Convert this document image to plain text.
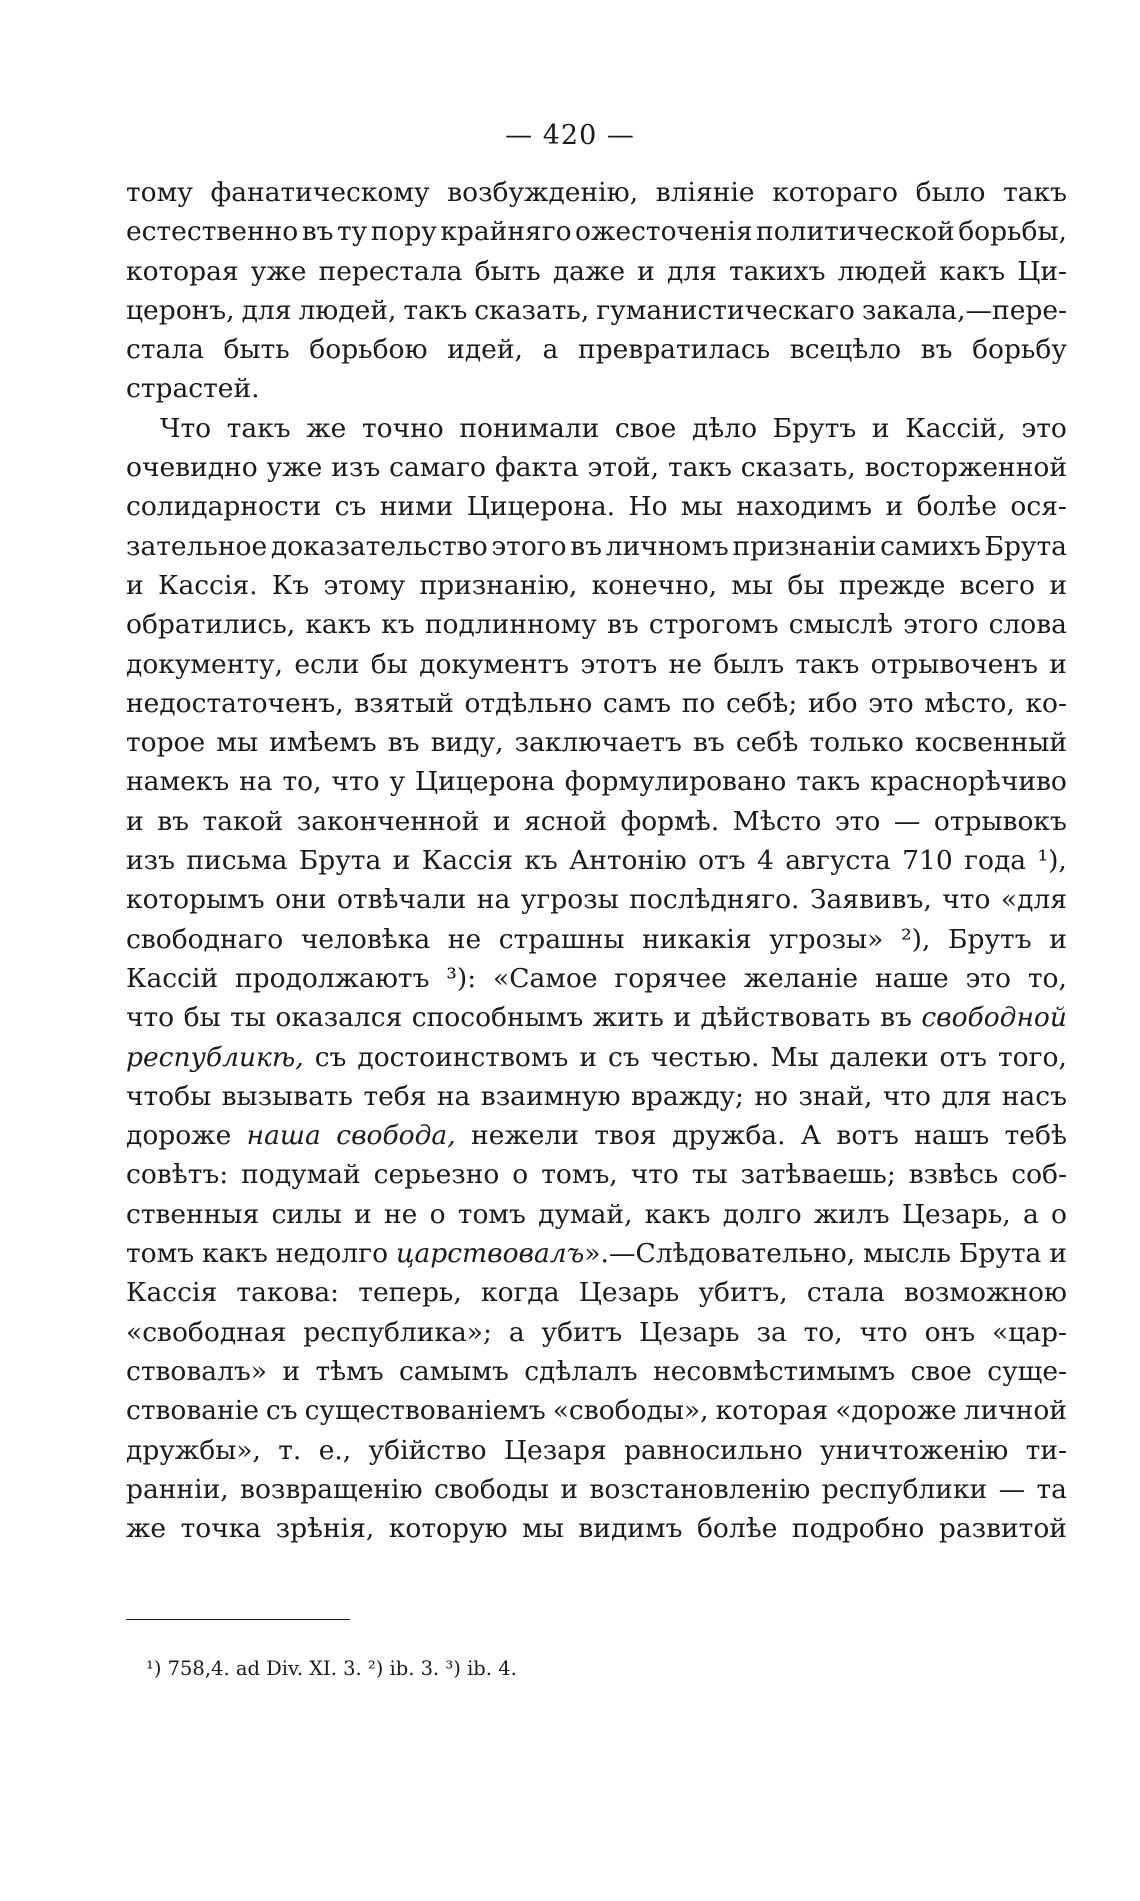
— 420 —
тому фанатическому возбужденію, вліяніе котораго было такъ
естественно въ ту пору крайняго ожесточенія политической борьбы,
которая уже перестала быть даже и для такихъ людей какъ Ци-
церонъ, для людей, такъ сказать, гуманистическаго закала,—пере-
стала быть борьбою идей, а превратилась всецѣло въ борьбу
страстей.
Что такъ же точно понимали свое дѣло Брутъ и Кассій, это
очевидно уже изъ самаго факта этой, такъ сказать, восторженной
солидарности съ ними Цицерона. Но мы находимъ и болѣе ося-
зательное доказательство этого въ личномъ признаніи самихъ Брута
и Кассія. Къ этому признанію, конечно, мы бы прежде всего и
обратились, какъ къ подлинному въ строгомъ смыслѣ этого слова
документу, если бы документъ этотъ не былъ такъ отрывоченъ и
недостаточенъ, взятый отдѣльно самъ по себѣ; ибо это мѣсто, ко-
торое мы имѣемъ въ виду, заключаетъ въ себѣ только косвенный
намекъ на то, что у Цицерона формулировано такъ краснорѣчиво
и въ такой законченной и ясной формѣ. Мѣсто это — отрывокъ
изъ письма Брута и Кассія къ Антонію отъ 4 августа 710 года ¹),
которымъ они отвѣчали на угрозы послѣдняго. Заявивъ, что «для
свободнаго человѣка не страшны никакія угрозы» ²), Брутъ и
Кассій продолжаютъ ³): «Самое горячее желаніе наше это то,
что бы ты оказался способнымъ жить и дѣйствовать въ свободной
республикѣ, съ достоинствомъ и съ честью. Мы далеки отъ того,
чтобы вызывать тебя на взаимную вражду; но знай, что для насъ
дороже наша свобода, нежели твоя дружба. А вотъ нашъ тебѣ
совѣтъ: подумай серьезно о томъ, что ты затѣваешь; взвѣсь соб-
ственныя силы и не о томъ думай, какъ долго жилъ Цезарь, а о
томъ какъ недолго царствовалъ».—Слѣдовательно, мысль Брута и
Кассія такова: теперь, когда Цезарь убитъ, стала возможною
«свободная республика»; а убитъ Цезарь за то, что онъ «цар-
ствовалъ» и тѣмъ самымъ сдѣлалъ несовмѣстимымъ свое суще-
ствованіе съ существованіемъ «свободы», которая «дороже личной
дружбы», т. е., убійство Цезаря равносильно уничтоженію ти-
ранніи, возвращенію свободы и возстановленію республики — та
же точка зрѣнія, которую мы видимъ болѣе подробно развитой
¹) 758,4. ad Div. XI. 3. ²) ib. 3. ³) ib. 4.
